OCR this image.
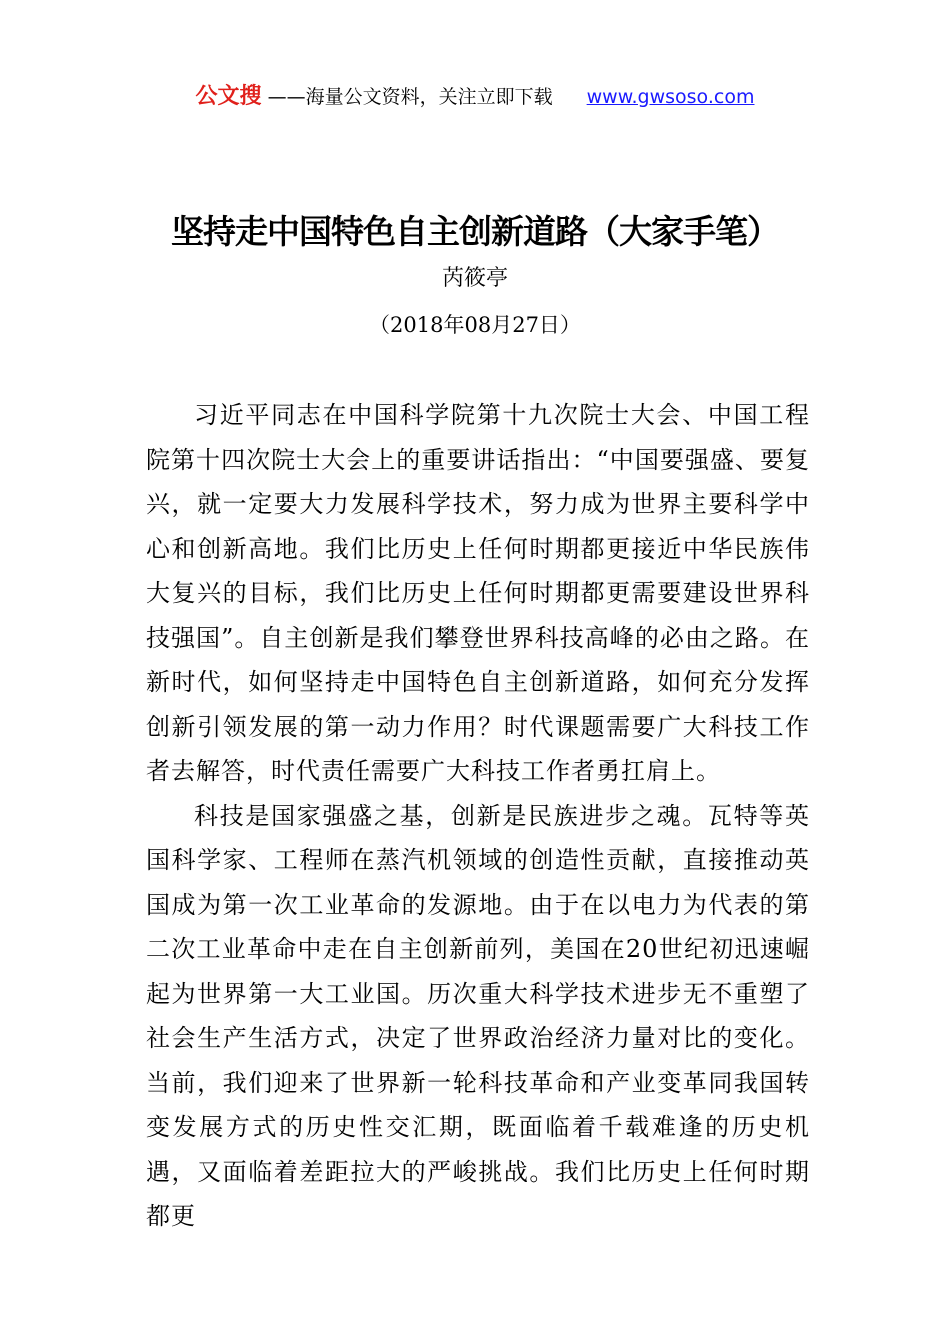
公文搜 ——海量公文资料，关注立即下载 www.gwsoso.com
坚持走中国特色自主创新道路（大家手笔）
芮筱亭
（2018年08月27日）

习近平同志在中国科学院第十九次院士大会、中国工程院第十四次院士大会上的重要讲话指出：“中国要强盛、要复兴，就一定要大力发展科学技术，努力成为世界主要科学中心和创新高地。我们比历史上任何时期都更接近中华民族伟大复兴的目标，我们比历史上任何时期都更需要建设世界科技强国”。自主创新是我们攀登世界科技高峰的必由之路。在新时代，如何坚持走中国特色自主创新道路，如何充分发挥创新引领发展的第一动力作用？时代课题需要广大科技工作者去解答，时代责任需要广大科技工作者勇扛肩上。

科技是国家强盛之基，创新是民族进步之魂。瓦特等英国科学家、工程师在蒸汽机领域的创造性贡献，直接推动英国成为第一次工业革命的发源地。由于在以电力为代表的第二次工业革命中走在自主创新前列，美国在20世纪初迅速崛起为世界第一大工业国。历次重大科学技术进步无不重塑了社会生产生活方式，决定了世界政治经济力量对比的变化。当前，我们迎来了世界新一轮科技革命和产业变革同我国转变发展方式的历史性交汇期，既面临着千载难逢的历史机遇，又面临着差距拉大的严峻挑战。我们比历史上任何时期都更
